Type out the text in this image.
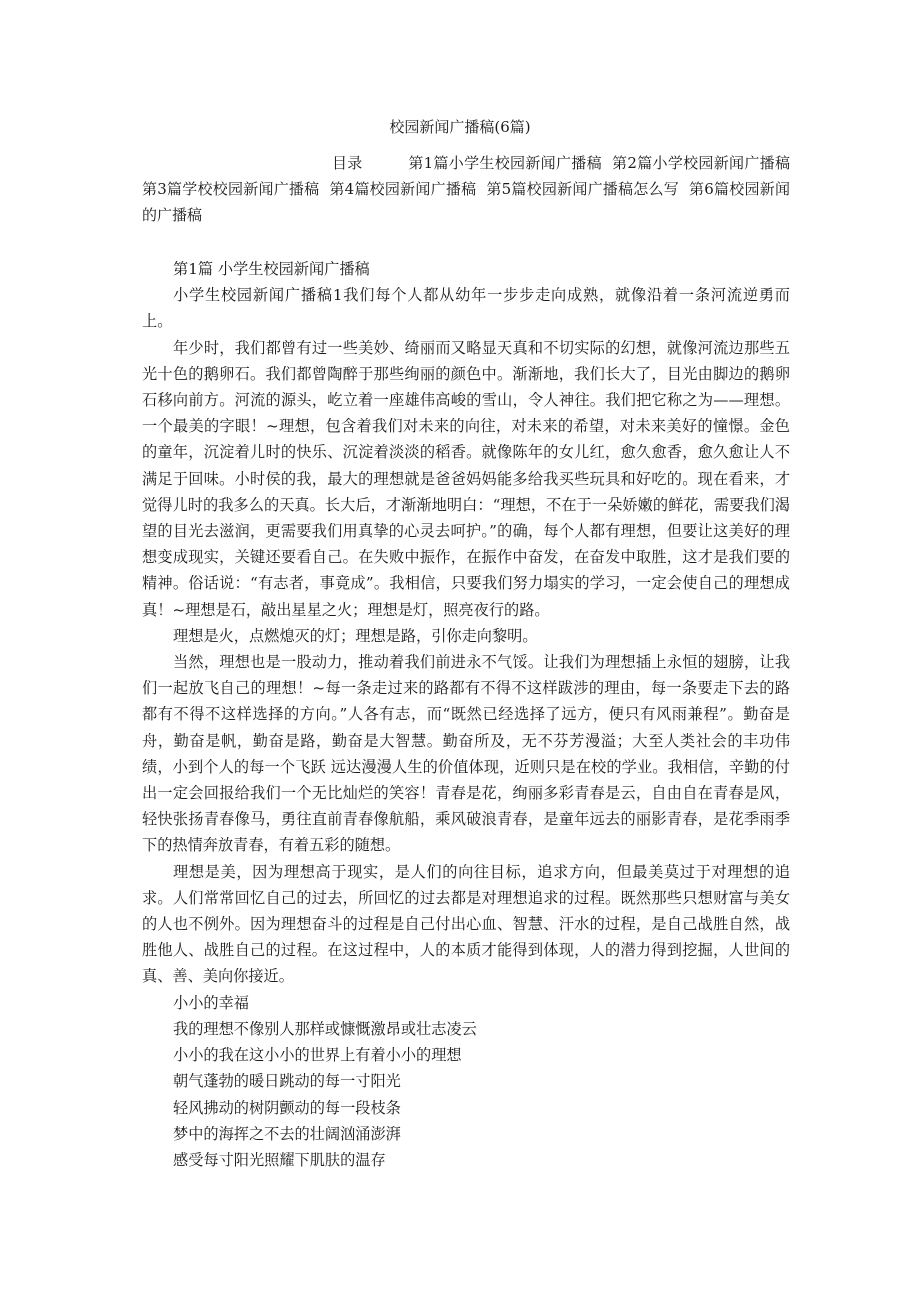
校园新闻广播稿(6篇)
目录	第1篇小学生校园新闻广播稿  第2篇小学校园新闻广播稿  第3篇学校校园新闻广播稿  第4篇校园新闻广播稿  第5篇校园新闻广播稿怎么写  第6篇校园新闻的广播稿

第1篇 小学生校园新闻广播稿

小学生校园新闻广播稿1我们每个人都从幼年一步步走向成熟，就像沿着一条河流逆勇而上。

年少时，我们都曾有过一些美妙、绮丽而又略显天真和不切实际的幻想，就像河流边那些五光十色的鹅卵石。我们都曾陶醉于那些绚丽的颜色中。渐渐地，我们长大了，目光由脚边的鹅卵石移向前方。河流的源头，屹立着一座雄伟高峻的雪山，令人神往。我们把它称之为——理想。一个最美的字眼！~理想，包含着我们对未来的向往，对未来的希望，对未来美好的憧憬。金色的童年，沉淀着儿时的快乐、沉淀着淡淡的稻香。就像陈年的女儿红，愈久愈香，愈久愈让人不满足于回味。小时侯的我，最大的理想就是爸爸妈妈能多给我买些玩具和好吃的。现在看来，才觉得儿时的我多么的天真。长大后，才渐渐地明白：“理想，不在于一朵娇嫩的鲜花，需要我们渴望的目光去滋润，更需要我们用真挚的心灵去呵护。”的确，每个人都有理想，但要让这美好的理想变成现实，关键还要看自己。在失败中振作，在振作中奋发，在奋发中取胜，这才是我们要的精神。俗话说：“有志者，事竟成”。我相信，只要我们努力塌实的学习，一定会使自己的理想成真！~理想是石，敲出星星之火；理想是灯，照亮夜行的路。

理想是火，点燃熄灭的灯；理想是路，引你走向黎明。

当然，理想也是一股动力，推动着我们前进永不气馁。让我们为理想插上永恒的翅膀，让我们一起放飞自己的理想！~每一条走过来的路都有不得不这样跋涉的理由，每一条要走下去的路都有不得不这样选择的方向。”人各有志，而“既然已经选择了远方，便只有风雨兼程”。勤奋是舟，勤奋是帆，勤奋是路，勤奋是大智慧。勤奋所及，无不芬芳漫溢；大至人类社会的丰功伟绩，小到个人的每一个飞跃 远达漫漫人生的价值体现，近则只是在校的学业。我相信，辛勤的付出一定会回报给我们一个无比灿烂的笑容！青春是花，绚丽多彩青春是云，自由自在青春是风，轻快张扬青春像马，勇往直前青春像航船，乘风破浪青春，是童年远去的丽影青春，是花季雨季下的热情奔放青春，有着五彩的随想。

理想是美，因为理想高于现实，是人们的向往目标，追求方向，但最美莫过于对理想的追求。人们常常回忆自己的过去，所回忆的过去都是对理想追求的过程。既然那些只想财富与美女的人也不例外。因为理想奋斗的过程是自己付出心血、智慧、汗水的过程，是自己战胜自然，战胜他人、战胜自己的过程。在这过程中，人的本质才能得到体现，人的潜力得到挖掘，人世间的真、善、美向你接近。

小小的幸福

我的理想不像别人那样或慷慨激昂或壮志凌云

小小的我在这小小的世界上有着小小的理想

朝气蓬勃的暖日跳动的每一寸阳光

轻风拂动的树阴颤动的每一段枝条

梦中的海挥之不去的壮阔汹涌澎湃

感受每寸阳光照耀下肌肤的温存
